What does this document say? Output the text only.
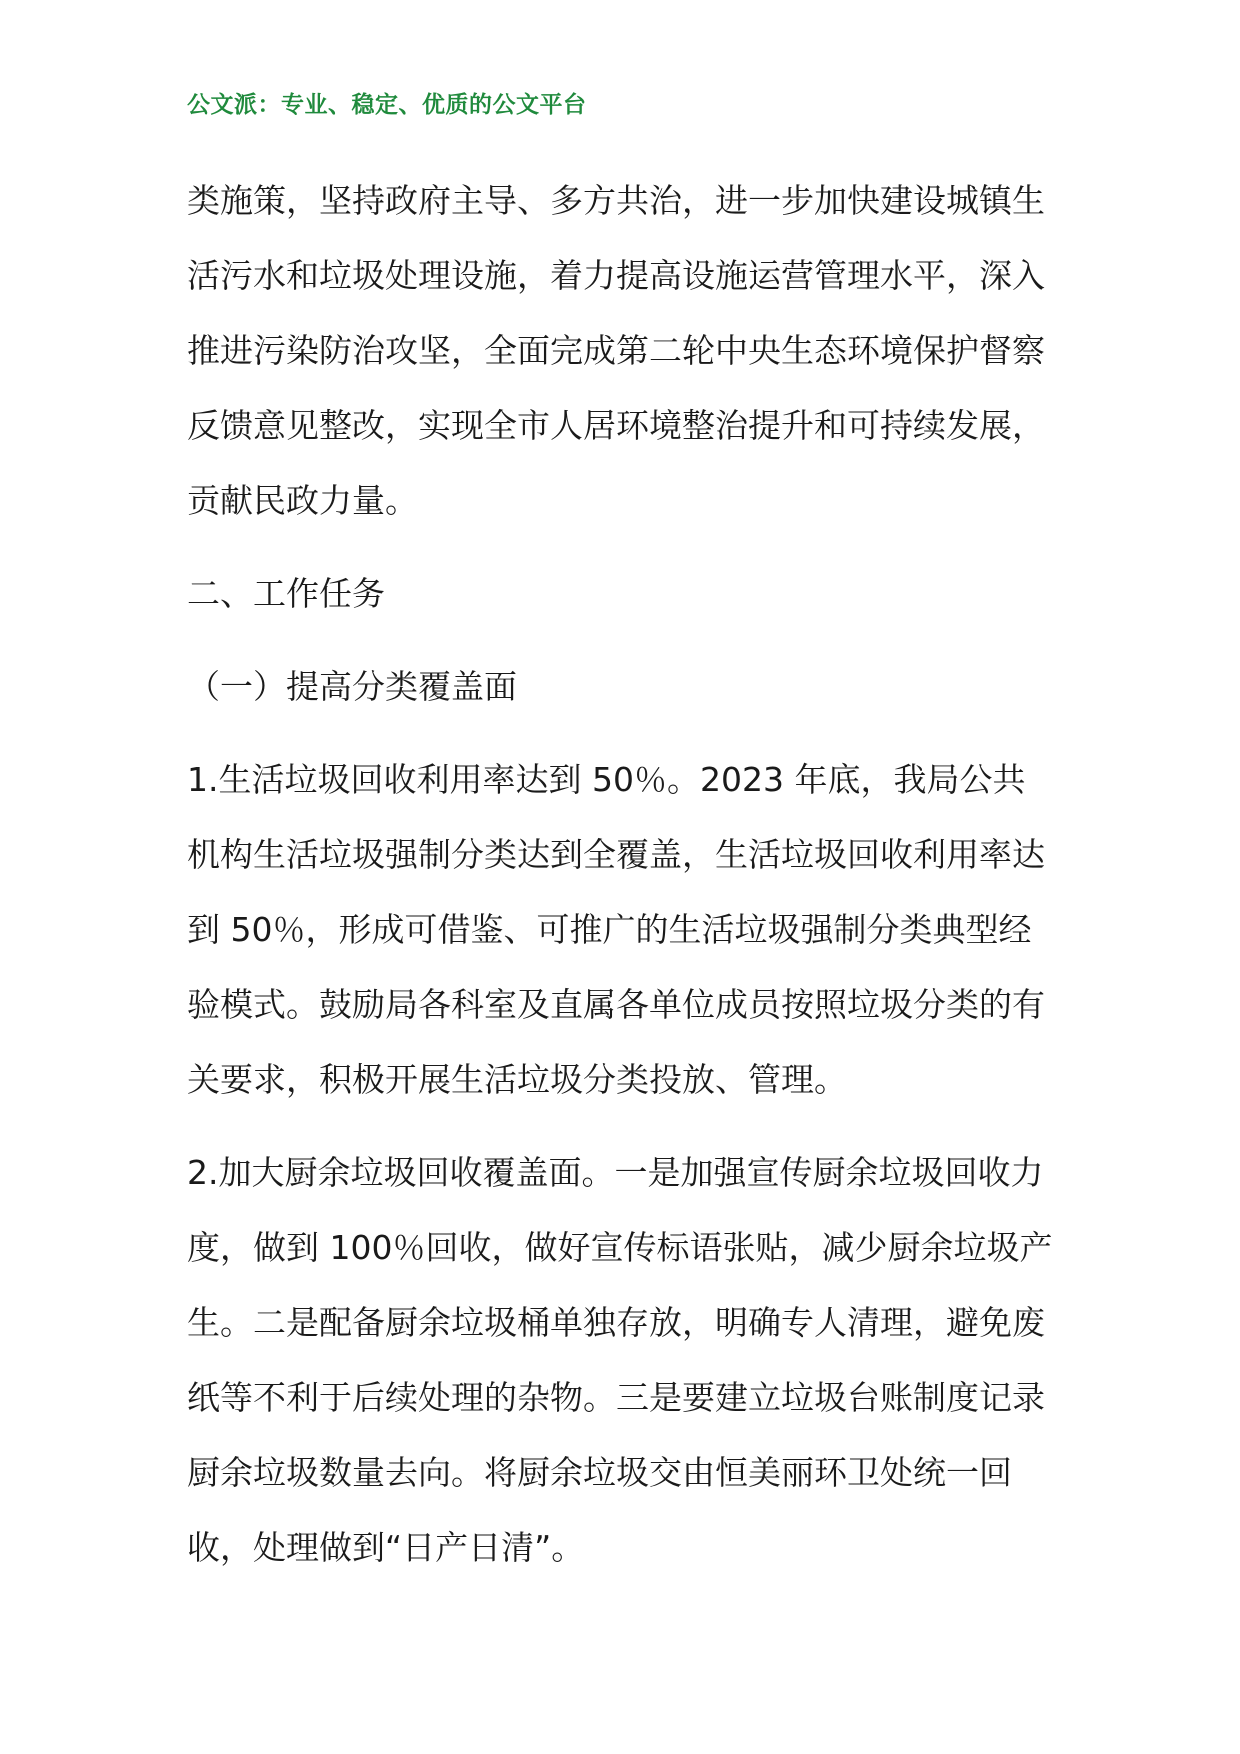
公文派：专业、稳定、优质的公文平台

类施策，坚持政府主导、多方共治，进一步加快建设城镇生活污水和垃圾处理设施，着力提高设施运营管理水平，深入推进污染防治攻坚，全面完成第二轮中央生态环境保护督察反馈意见整改，实现全市人居环境整治提升和可持续发展，贡献民政力量。

二、工作任务

（一）提高分类覆盖面

1.生活垃圾回收利用率达到 50％。2023 年底，我局公共机构生活垃圾强制分类达到全覆盖，生活垃圾回收利用率达到 50％，形成可借鉴、可推广的生活垃圾强制分类典型经验模式。鼓励局各科室及直属各单位成员按照垃圾分类的有关要求，积极开展生活垃圾分类投放、管理。

2.加大厨余垃圾回收覆盖面。一是加强宣传厨余垃圾回收力度，做到 100％回收，做好宣传标语张贴，减少厨余垃圾产生。二是配备厨余垃圾桶单独存放，明确专人清理，避免废纸等不利于后续处理的杂物。三是要建立垃圾台账制度记录厨余垃圾数量去向。将厨余垃圾交由恒美丽环卫处统一回收，处理做到“日产日清”。
